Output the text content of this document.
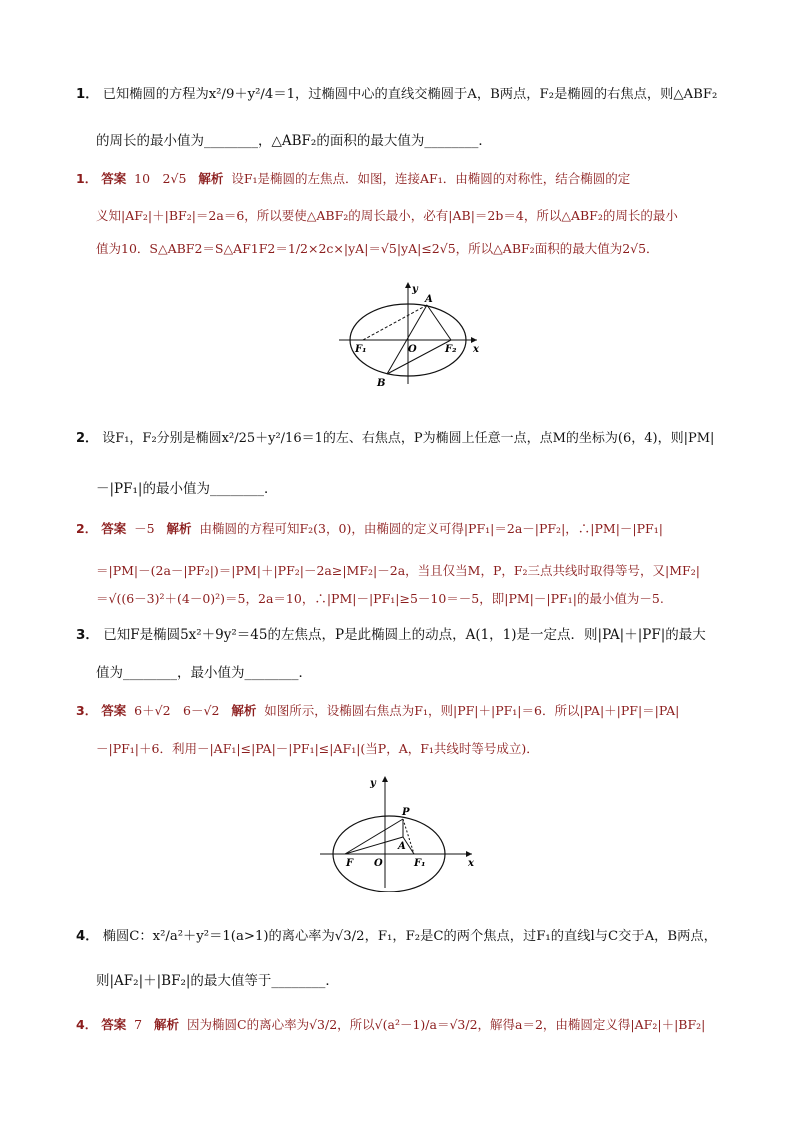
1． 已知椭圆的方程为x²/9＋y²/4＝1，过椭圆中心的直线交椭圆于A，B两点，F₂是椭圆的右焦点，则△ABF₂
的周长的最小值为________，△ABF₂的面积的最大值为________．
1． 答案 10　2√5 解析 设F₁是椭圆的左焦点．如图，连接AF₁．由椭圆的对称性，结合椭圆的定
义知|AF₂|＋|BF₂|＝2a＝6，所以要使△ABF₂的周长最小，必有|AB|＝2b＝4，所以△ABF₂的周长的最小
值为10．S△ABF2＝S△AF1F2＝1/2×2c×|yA|＝√5|yA|≤2√5，所以△ABF₂面积的最大值为2√5．
y
x
O
A
B
F₁	F₂
2． 设F₁，F₂分别是椭圆x²/25＋y²/16＝1的左、右焦点，P为椭圆上任意一点，点M的坐标为(6，4)，则|PM|
－|PF₁|的最小值为________．
2． 答案 －5 解析 由椭圆的方程可知F₂(3，0)，由椭圆的定义可得|PF₁|＝2a－|PF₂|，∴|PM|－|PF₁|
＝|PM|－(2a－|PF₂|)＝|PM|＋|PF₂|－2a≥|MF₂|－2a，当且仅当M，P，F₂三点共线时取得等号，又|MF₂|
＝√((6－3)²＋(4－0)²)＝5，2a＝10，∴|PM|－|PF₁|≥5－10＝－5，即|PM|－|PF₁|的最小值为－5.
3． 已知F是椭圆5x²＋9y²＝45的左焦点，P是此椭圆上的动点，A(1，1)是一定点．则|PA|＋|PF|的最大
值为________，最小值为________．
3． 答案 6＋√2　6－√2 解析 如图所示，设椭圆右焦点为F₁，则|PF|＋|PF₁|＝6．所以|PA|＋|PF|＝|PA|
－|PF₁|＋6．利用－|AF₁|≤|PA|－|PF₁|≤|AF₁|(当P，A，F₁共线时等号成立)．
y
x
O
P
A
F	F₁
4． 椭圆C：x²/a²＋y²＝1(a>1)的离心率为√3/2，F₁，F₂是C的两个焦点，过F₁的直线l与C交于A，B两点，
则|AF₂|＋|BF₂|的最大值等于________．
4． 答案 7 解析 因为椭圆C的离心率为√3/2，所以√(a²－1)/a＝√3/2，解得a＝2，由椭圆定义得|AF₂|＋|BF₂|
